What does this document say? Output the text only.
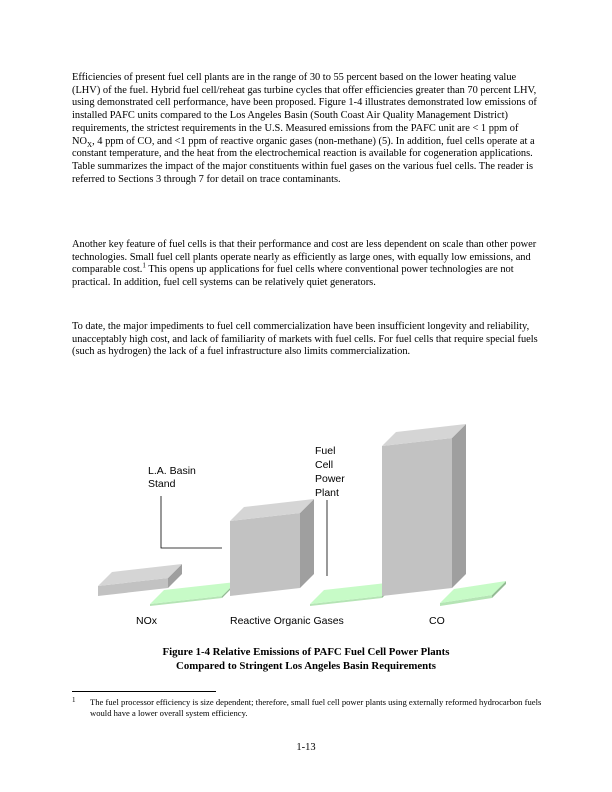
Efficiencies of present fuel cell plants are in the range of 30 to 55 percent based on the lower heating value (LHV) of the fuel. Hybrid fuel cell/reheat gas turbine cycles that offer efficiencies greater than 70 percent LHV, using demonstrated cell performance, have been proposed. Figure 1-4 illustrates demonstrated low emissions of installed PAFC units compared to the Los Angeles Basin (South Coast Air Quality Management District) requirements, the strictest requirements in the U.S. Measured emissions from the PAFC unit are < 1 ppm of $NO_X$, 4 ppm of CO, and <1 ppm of reactive organic gases (non-methane) (5). In addition, fuel cells operate at a constant temperature, and the heat from the electrochemical reaction is available for cogeneration applications. Table summarizes the impact of the major constituents within fuel gases on the various fuel cells. The reader is referred to Sections 3 through 7 for detail on trace contaminants.

Another key feature of fuel cells is that their performance and cost are less dependent on scale than other power technologies. Small fuel cell plants operate nearly as efficiently as large ones, with equally low emissions, and comparable cost.$^1$ This opens up applications for fuel cells where conventional power technologies are not practical. In addition, fuel cell systems can be relatively quiet generators.

To date, the major impediments to fuel cell commercialization have been insufficient longevity and reliability, unacceptably high cost, and lack of familiarity of markets with fuel cells. For fuel cells that require special fuels (such as hydrogen) the lack of a fuel infrastructure also limits commercialization.

L.A. Basin
Stand
Fuel
Cell
Power
Plant
NOx	Reactive Organic Gases	CO
Figure 1-4 Relative Emissions of PAFC Fuel Cell Power Plants
Compared to Stringent Los Angeles Basin Requirements
1	The fuel processor efficiency is size dependent; therefore, small fuel cell power plants using externally reformed hydrocarbon fuels would have a lower overall system efficiency.
1-13
